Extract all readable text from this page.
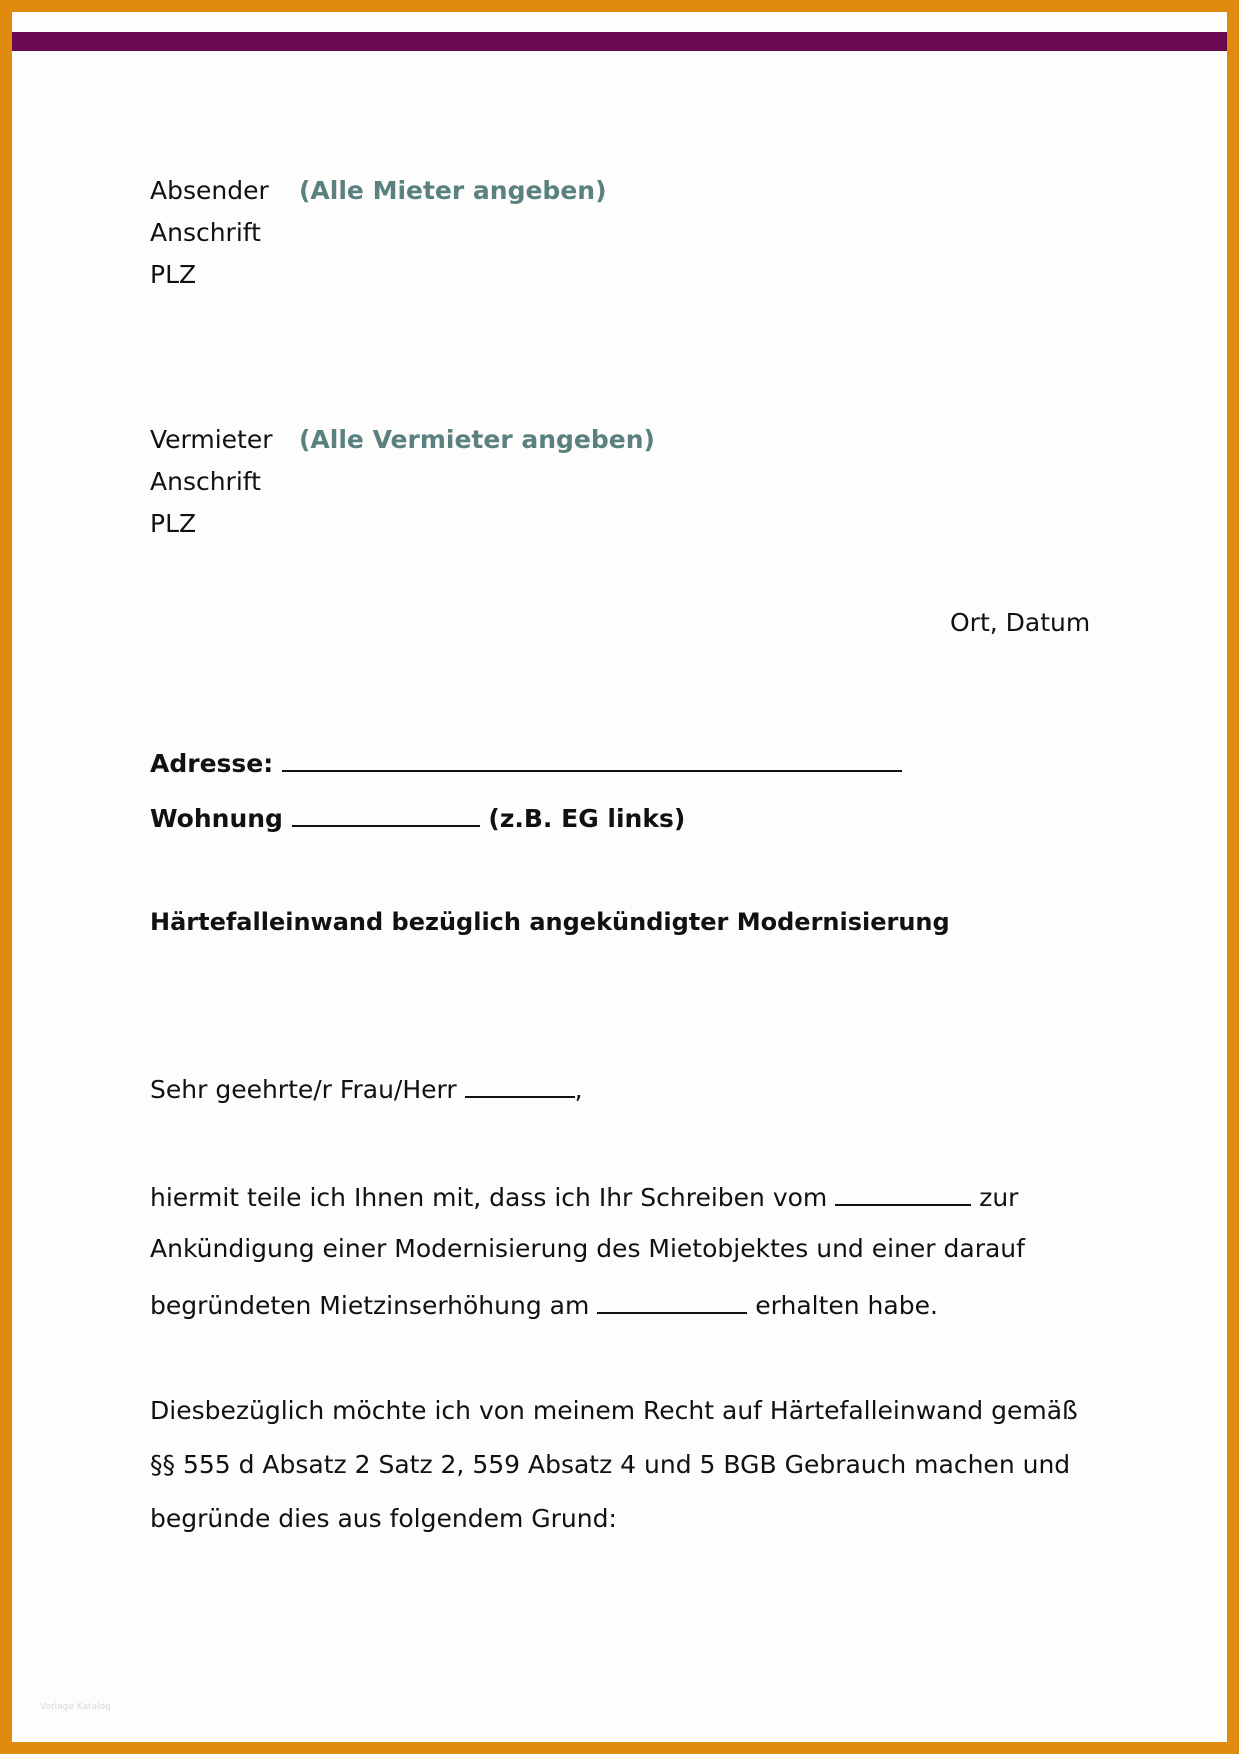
Absender (Alle Mieter angeben)
Anschrift
PLZ
Vermieter (Alle Vermieter angeben)
Anschrift
PLZ
Ort, Datum
Adresse:
Wohnung	(z.B. EG links)
Härtefalleinwand bezüglich angekündigter Modernisierung
Sehr geehrte/r Frau/Herr	,
hiermit teile ich Ihnen mit, dass ich Ihr Schreiben vom	zur
Ankündigung einer Modernisierung des Mietobjektes und einer darauf
begründeten Mietzinserhöhung am	erhalten habe.
Diesbezüglich möchte ich von meinem Recht auf Härtefalleinwand gemäß
§§ 555 d Absatz 2 Satz 2, 559 Absatz 4 und 5 BGB Gebrauch machen und
begründe dies aus folgendem Grund:
Vorlage Katalog
